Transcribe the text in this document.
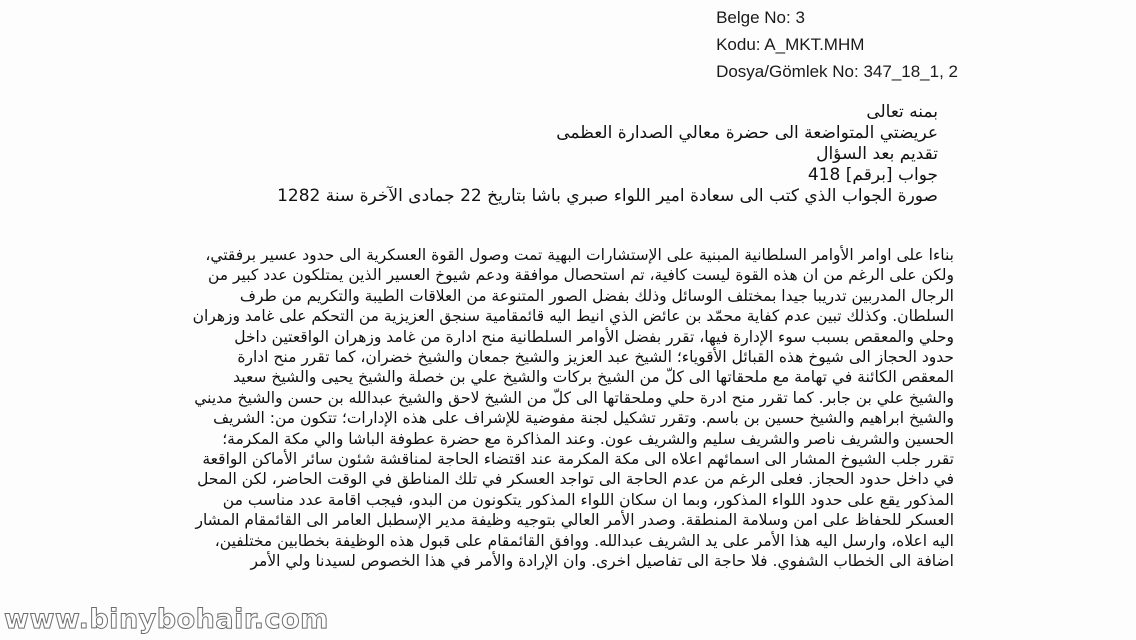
Belge No: 3
Kodu: A_MKT.MHM
Dosya/Gömlek No: 347_18_1, 2
بمنه تعالى
عريضتي المتواضعة الى حضرة معالي الصدارة العظمى
تقديم بعد السؤال
جواب [برقم] 418
صورة الجواب الذي كتب الى سعادة امير اللواء صبري باشا بتاريخ 22 جمادى الآخرة سنة 1282
بناءا على اوامر الأوامر السلطانية المبنية على الإستشارات البهية تمت وصول القوة العسكرية الى حدود عسير برفقتي،
ولكن على الرغم من ان هذه القوة ليست كافية، تم استحصال موافقة ودعم شيوخ العسير الذين يمتلكون عدد كبير من
الرجال المدربين تدريبا جيدا بمختلف الوسائل وذلك بفضل الصور المتنوعة من العلاقات الطيبة والتكريم من طرف
السلطان. وكذلك تبين عدم كفاية محمّد بن عائض الذي انيط اليه قائمقامية سنجق العزيزية من التحكم على غامد وزهران
وحلي والمعقص بسبب سوء الإدارة فيها، تقرر بفضل الأوامر السلطانية منح ادارة من غامد وزهران الواقعتين داخل
حدود الحجاز الى شيوخ هذه القبائل الأقوياء؛ الشيخ عبد العزيز والشيخ جمعان والشيخ خضران، كما تقرر منح ادارة
المعقص الكائنة في تهامة مع ملحقاتها الى كلّ من الشيخ بركات والشيخ علي بن خصلة والشيخ يحيى والشيخ سعيد
والشيخ علي بن جابر. كما تقرر منح ادرة حلي وملحقاتها الى كلّ من الشيخ لاحق والشيخ عبدالله بن حسن والشيخ مديني
والشيخ ابراهيم والشيخ حسين بن باسم. وتقرر تشكيل لجنة مفوضية للإشراف على هذه الإدارات؛ تتكون من: الشريف
الحسين والشريف ناصر والشريف سليم والشريف عون. وعند المذاكرة مع حضرة عطوفة الباشا والي مكة المكرمة؛
تقرر جلب الشيوخ المشار الى اسمائهم اعلاه الى مكة المكرمة عند اقتضاء الحاجة لمناقشة شئون سائر الأماكن الواقعة
في داخل حدود الحجاز. فعلى الرغم من عدم الحاجة الى تواجد العسكر في تلك المناطق في الوقت الحاضر، لكن المحل
المذكور يقع على حدود اللواء المذكور، وبما ان سكان اللواء المذكور يتكونون من البدو، فيجب اقامة عدد مناسب من
العسكر للحفاظ على امن وسلامة المنطقة. وصدر الأمر العالي بتوجيه وظيفة مدير الإسطبل العامر الى القائمقام المشار
اليه اعلاه، وارسل اليه هذا الأمر على يد الشريف عبدالله. ووافق القائمقام على قبول هذه الوظيفة بخطابين مختلفين،
اضافة الى الخطاب الشفوي. فلا حاجة الى تفاصيل اخرى. وان الإرادة والأمر في هذا الخصوص لسيدنا ولي الأمر
www.binybohair.com
